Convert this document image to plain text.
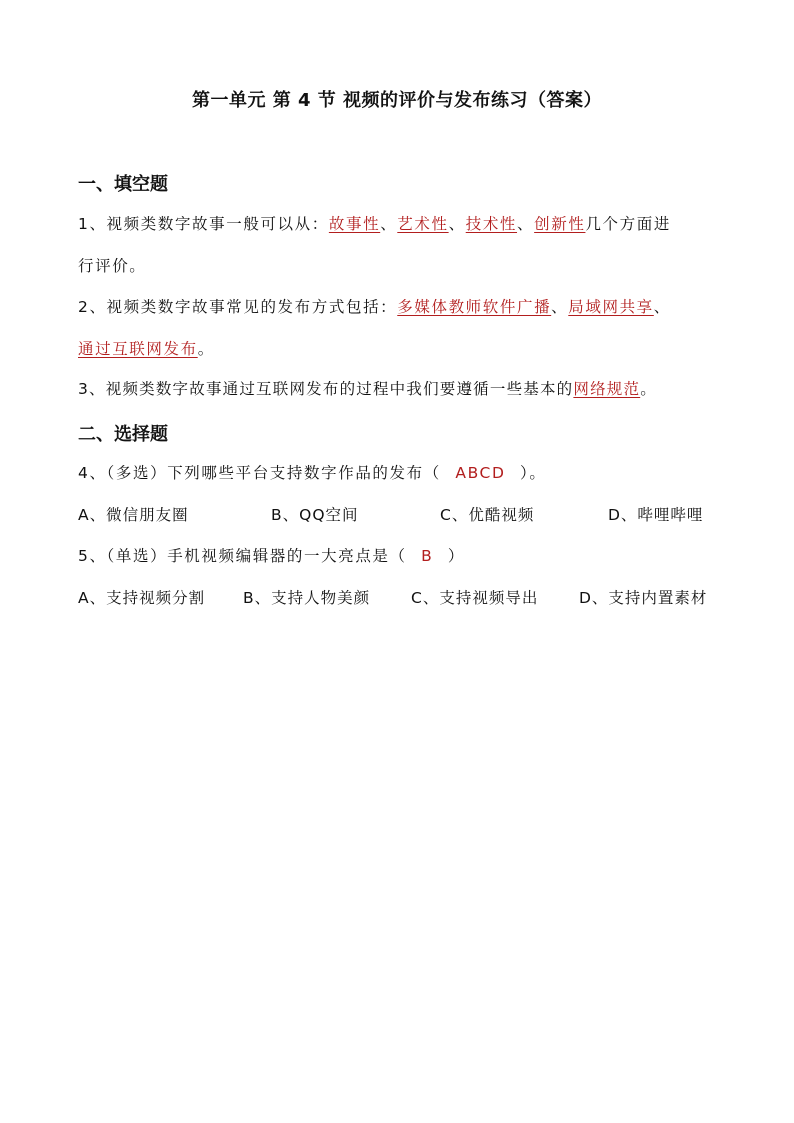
第一单元 第 4 节 视频的评价与发布练习（答案）
一、填空题
1、视频类数字故事一般可以从：故事性、艺术性、技术性、创新性几个方面进
行评价。
2、视频类数字故事常见的发布方式包括：多媒体教师软件广播、局域网共享、
通过互联网发布。
3、视频类数字故事通过互联网发布的过程中我们要遵循一些基本的网络规范。
二、选择题
4、（多选）下列哪些平台支持数字作品的发布（ ABCD ）。
A、微信朋友圈	B、QQ空间	C、优酷视频	D、哔哩哔哩
5、（单选）手机视频编辑器的一大亮点是（ B ）
A、支持视频分割 B、支持人物美颜	C、支持视频导出	D、支持内置素材
